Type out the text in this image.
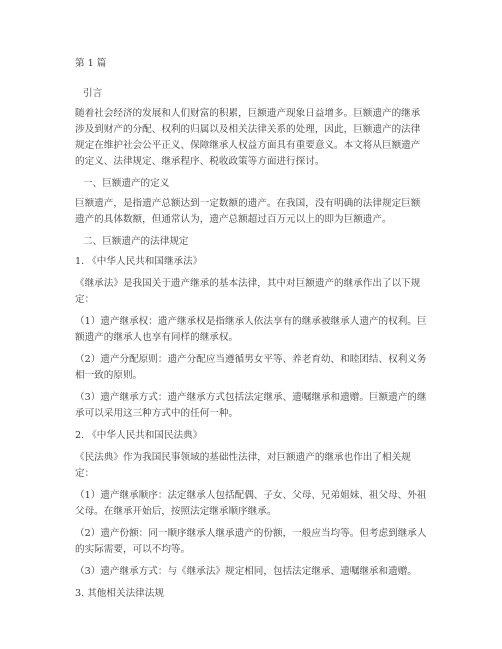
第 1 篇

引言

随着社会经济的发展和人们财富的积累，巨额遗产现象日益增多。巨额遗产的继承涉及到财产的分配、权利的归属以及相关法律关系的处理，因此，巨额遗产的法律规定在维护社会公平正义、保障继承人权益方面具有重要意义。本文将从巨额遗产的定义、法律规定、继承程序、税收政策等方面进行探讨。

一、巨额遗产的定义

巨额遗产，是指遗产总额达到一定数额的遗产。在我国，没有明确的法律规定巨额遗产的具体数额，但通常认为，遗产总额超过百万元以上的即为巨额遗产。

二、巨额遗产的法律规定

1. 《中华人民共和国继承法》

《继承法》是我国关于遗产继承的基本法律，其中对巨额遗产的继承作出了以下规定：

（1）遗产继承权：遗产继承权是指继承人依法享有的继承被继承人遗产的权利。巨额遗产的继承人也享有同样的继承权。

（2）遗产分配原则：遗产分配应当遵循男女平等、养老育幼、和睦团结、权利义务相一致的原则。

（3）遗产继承方式：遗产继承方式包括法定继承、遗嘱继承和遗赠。巨额遗产的继承可以采用这三种方式中的任何一种。

2. 《中华人民共和国民法典》

《民法典》作为我国民事领域的基础性法律，对巨额遗产的继承也作出了相关规定：

（1）遗产继承顺序：法定继承人包括配偶、子女、父母、兄弟姐妹、祖父母、外祖父母。在继承开始后，按照法定继承顺序继承。

（2）遗产份额：同一顺序继承人继承遗产的份额，一般应当均等。但考虑到继承人的实际需要，可以不均等。

（3）遗产继承方式：与《继承法》规定相同，包括法定继承、遗嘱继承和遗赠。

3. 其他相关法律法规
